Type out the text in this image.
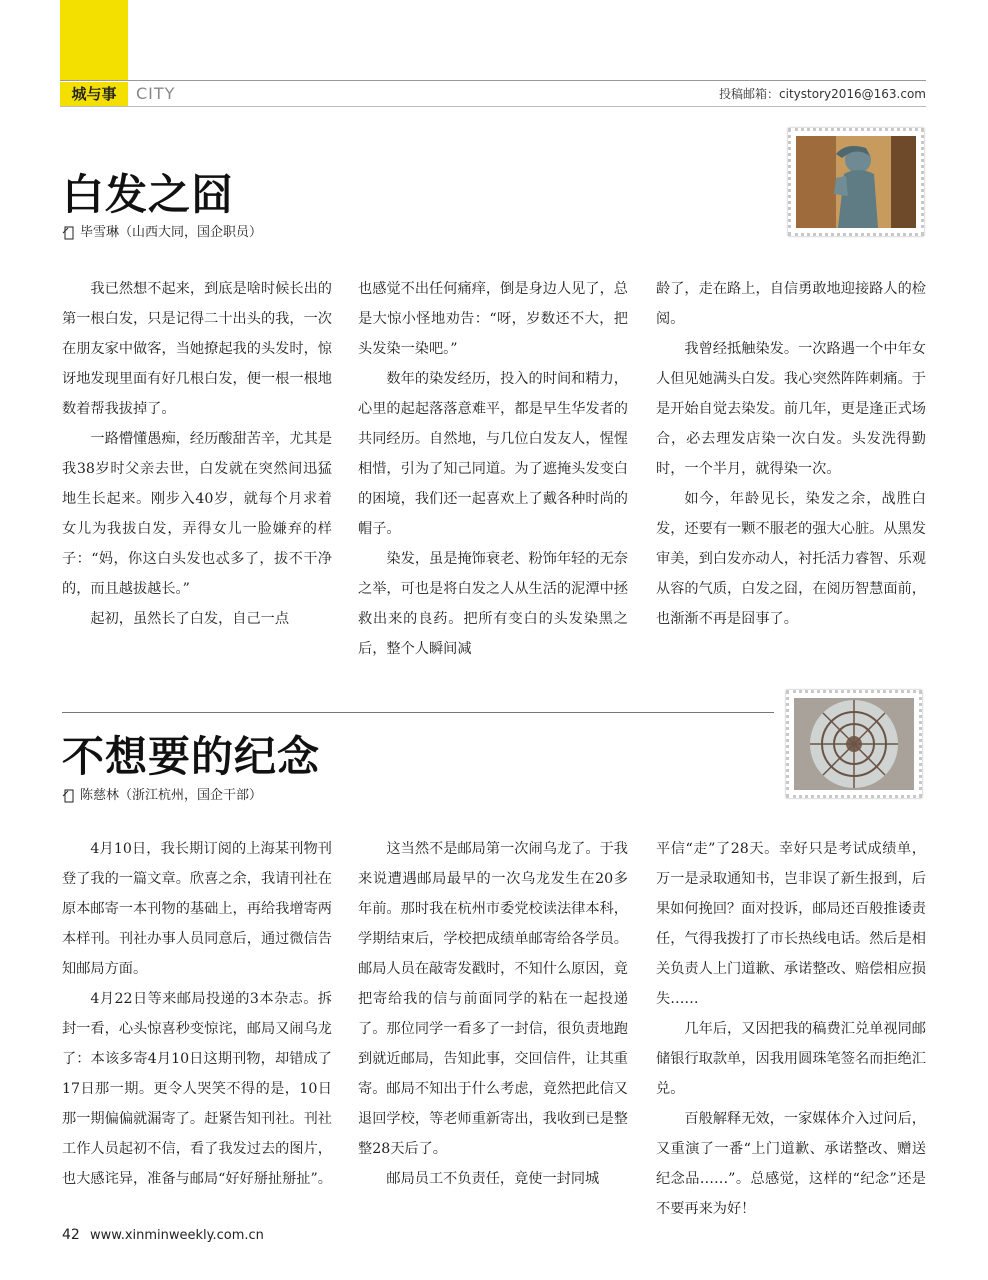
城与事	CITY	投稿邮箱：citystory2016@163.com
白发之囧
毕雪琳（山西大同，国企职员）

我已然想不起来，到底是啥时候长出的第一根白发，只是记得二十出头的我，一次在朋友家中做客，当她撩起我的头发时，惊讶地发现里面有好几根白发，便一根一根地数着帮我拔掉了。

一路懵懂愚痴，经历酸甜苦辛，尤其是我38岁时父亲去世，白发就在突然间迅猛地生长起来。刚步入40岁，就每个月求着女儿为我拔白发，弄得女儿一脸嫌弃的样子：“妈，你这白头发也忒多了，拔不干净的，而且越拔越长。”

起初，虽然长了白发，自己一点

也感觉不出任何痛痒，倒是身边人见了，总是大惊小怪地劝告：“呀，岁数还不大，把头发染一染吧。”

数年的染发经历，投入的时间和精力，心里的起起落落意难平，都是早生华发者的共同经历。自然地，与几位白发友人，惺惺相惜，引为了知己同道。为了遮掩头发变白的困境，我们还一起喜欢上了戴各种时尚的帽子。

染发，虽是掩饰衰老、粉饰年轻的无奈之举，可也是将白发之人从生活的泥潭中拯救出来的良药。把所有变白的头发染黑之后，整个人瞬间减

龄了，走在路上，自信勇敢地迎接路人的检阅。

我曾经抵触染发。一次路遇一个中年女人但见她满头白发。我心突然阵阵刺痛。于是开始自觉去染发。前几年，更是逢正式场合，必去理发店染一次白发。头发洗得勤时，一个半月，就得染一次。

如今，年龄见长，染发之余，战胜白发，还要有一颗不服老的强大心脏。从黑发审美，到白发亦动人，衬托活力睿智、乐观从容的气质，白发之囧，在阅历智慧面前，也渐渐不再是囧事了。

不想要的纪念
陈慈林（浙江杭州，国企干部）

4月10日，我长期订阅的上海某刊物刊登了我的一篇文章。欣喜之余，我请刊社在原本邮寄一本刊物的基础上，再给我增寄两本样刊。刊社办事人员同意后，通过微信告知邮局方面。

4月22日等来邮局投递的3本杂志。拆封一看，心头惊喜秒变惊诧，邮局又闹乌龙了：本该多寄4月10日这期刊物，却错成了17日那一期。更令人哭笑不得的是，10日那一期偏偏就漏寄了。赶紧告知刊社。刊社工作人员起初不信，看了我发过去的图片，也大感诧异，准备与邮局“好好掰扯掰扯”。

这当然不是邮局第一次闹乌龙了。于我来说遭遇邮局最早的一次乌龙发生在20多年前。那时我在杭州市委党校读法律本科，学期结束后，学校把成绩单邮寄给各学员。邮局人员在敲寄发戳时，不知什么原因，竟把寄给我的信与前面同学的粘在一起投递了。那位同学一看多了一封信，很负责地跑到就近邮局，告知此事，交回信件，让其重寄。邮局不知出于什么考虑，竟然把此信又退回学校，等老师重新寄出，我收到已是整整28天后了。

邮局员工不负责任，竟使一封同城

平信“走”了28天。幸好只是考试成绩单，万一是录取通知书，岂非误了新生报到，后果如何挽回？面对投诉，邮局还百般推诿责任，气得我拨打了市长热线电话。然后是相关负责人上门道歉、承诺整改、赔偿相应损失……

几年后，又因把我的稿费汇兑单视同邮储银行取款单，因我用圆珠笔签名而拒绝汇兑。

百般解释无效，一家媒体介入过问后，又重演了一番“上门道歉、承诺整改、赠送纪念品……”。总感觉，这样的“纪念”还是不要再来为好！

42 www.xinminweekly.com.cn
